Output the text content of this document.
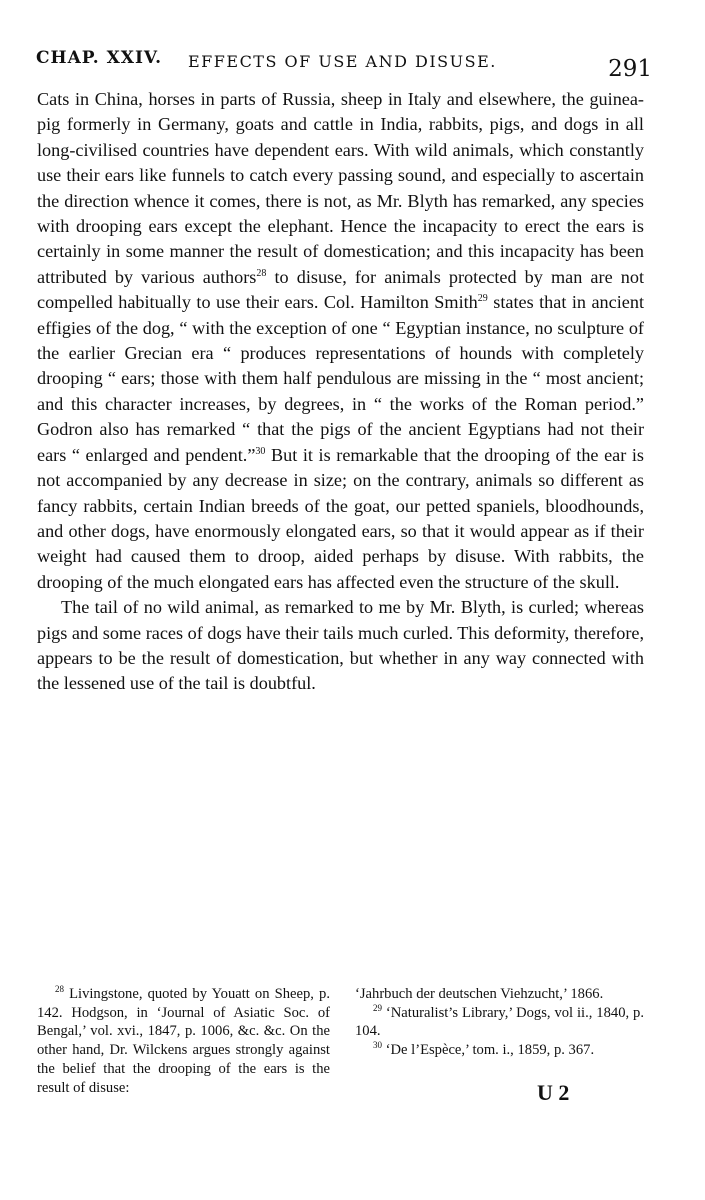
CHAP. XXIV. EFFECTS OF USE AND DISUSE.	291

Cats in China, horses in parts of Russia, sheep in Italy and elsewhere, the guinea-pig formerly in Germany, goats and cattle in India, rabbits, pigs, and dogs in all long-civilised countries have dependent ears. With wild animals, which constantly use their ears like funnels to catch every passing sound, and especially to ascertain the direction whence it comes, there is not, as Mr. Blyth has remarked, any species with drooping ears except the elephant. Hence the incapacity to erect the ears is certainly in some manner the result of domestication; and this incapacity has been attributed by various authors$^{28}$ to disuse, for animals protected by man are not compelled habitually to use their ears. Col. Hamilton Smith$^{29}$ states that in ancient effigies of the dog, “ with the exception of one “ Egyptian instance, no sculpture of the earlier Grecian era “ produces representations of hounds with completely drooping “ ears; those with them half pendulous are missing in the “ most ancient; and this character increases, by degrees, in “ the works of the Roman period.” Godron also has remarked “ that the pigs of the ancient Egyptians had not their ears “ enlarged and pendent.”$^{30}$ But it is remarkable that the drooping of the ear is not accompanied by any decrease in size; on the contrary, animals so different as fancy rabbits, certain Indian breeds of the goat, our petted spaniels, bloodhounds, and other dogs, have enormously elongated ears, so that it would appear as if their weight had caused them to droop, aided perhaps by disuse. With rabbits, the drooping of the much elongated ears has affected even the structure of the skull.

The tail of no wild animal, as remarked to me by Mr. Blyth, is curled; whereas pigs and some races of dogs have their tails much curled. This deformity, therefore, appears to be the result of domestication, but whether in any way connected with the lessened use of the tail is doubtful.

$^{28}$ Livingstone, quoted by Youatt on Sheep, p. 142. Hodgson, in ‘Journal of Asiatic Soc. of Bengal,’ vol. xvi., 1847, p. 1006, &c. &c. On the other hand, Dr. Wilckens argues strongly against the belief that the drooping of the ears is the result of disuse:

‘Jahrbuch der deutschen Viehzucht,’ 1866.

$^{29}$ ‘Naturalist’s Library,’ Dogs, vol ii., 1840, p. 104.

$^{30}$ ‘De l’Espèce,’ tom. i., 1859, p. 367.

U 2
